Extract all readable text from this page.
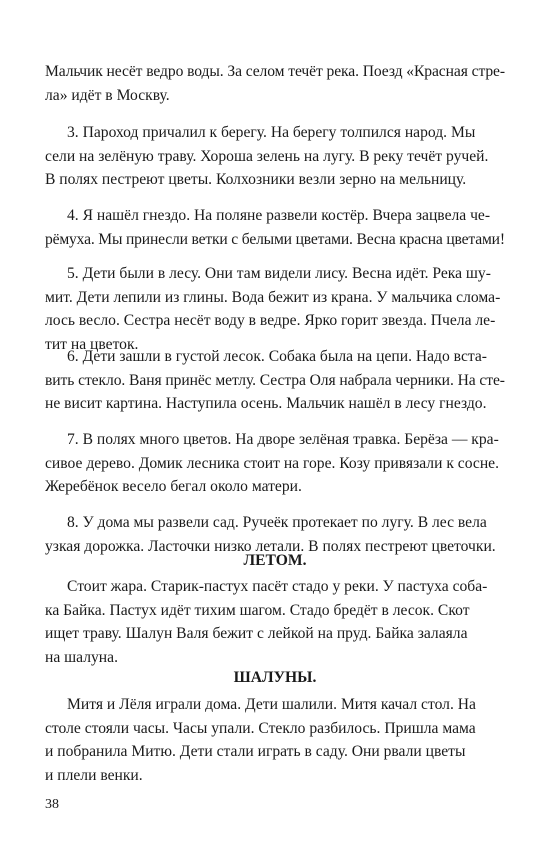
Мальчик несёт ведро воды. За селом течёт река. Поезд «Красная стре-
ла» идёт в Москву.
3. Пароход причалил к берегу. На берегу толпился народ. Мы
сели на зелёную траву. Хороша зелень на лугу. В реку течёт ручей.
В полях пестреют цветы. Колхозники везли зерно на мельницу.
4. Я нашёл гнездо. На поляне развели костёр. Вчера зацвела че-
рёмуха. Мы принесли ветки с белыми цветами. Весна красна цветами!
5. Дети были в лесу. Они там видели лису. Весна идёт. Река шу-
мит. Дети лепили из глины. Вода бежит из крана. У мальчика слома-
лось весло. Сестра несёт воду в ведре. Ярко горит звезда. Пчела ле-
тит на цветок.
6. Дети зашли в густой лесок. Собака была на цепи. Надо вста-
вить стекло. Ваня принёс метлу. Сестра Оля набрала черники. На сте-
не висит картина. Наступила осень. Мальчик нашёл в лесу гнездо.
7. В полях много цветов. На дворе зелёная травка. Берёза — кра-
сивое дерево. Домик лесника стоит на горе. Козу привязали к сосне.
Жеребёнок весело бегал около матери.
8. У дома мы развели сад. Ручеёк протекает по лугу. В лес вела
узкая дорожка. Ласточки низко летали. В полях пестреют цветочки.
ЛЕТОМ.
Стоит жара. Старик-пастух пасёт стадо у реки. У пастуха соба-
ка Байка. Пастух идёт тихим шагом. Стадо бредёт в лесок. Скот
ищет траву. Шалун Валя бежит с лейкой на пруд. Байка залаяла
на шалуна.
ШАЛУНЫ.
Митя и Лёля играли дома. Дети шалили. Митя качал стол. На
столе стояли часы. Часы упали. Стекло разбилось. Пришла мама
и побранила Митю. Дети стали играть в саду. Они рвали цветы
и плели венки.
38
